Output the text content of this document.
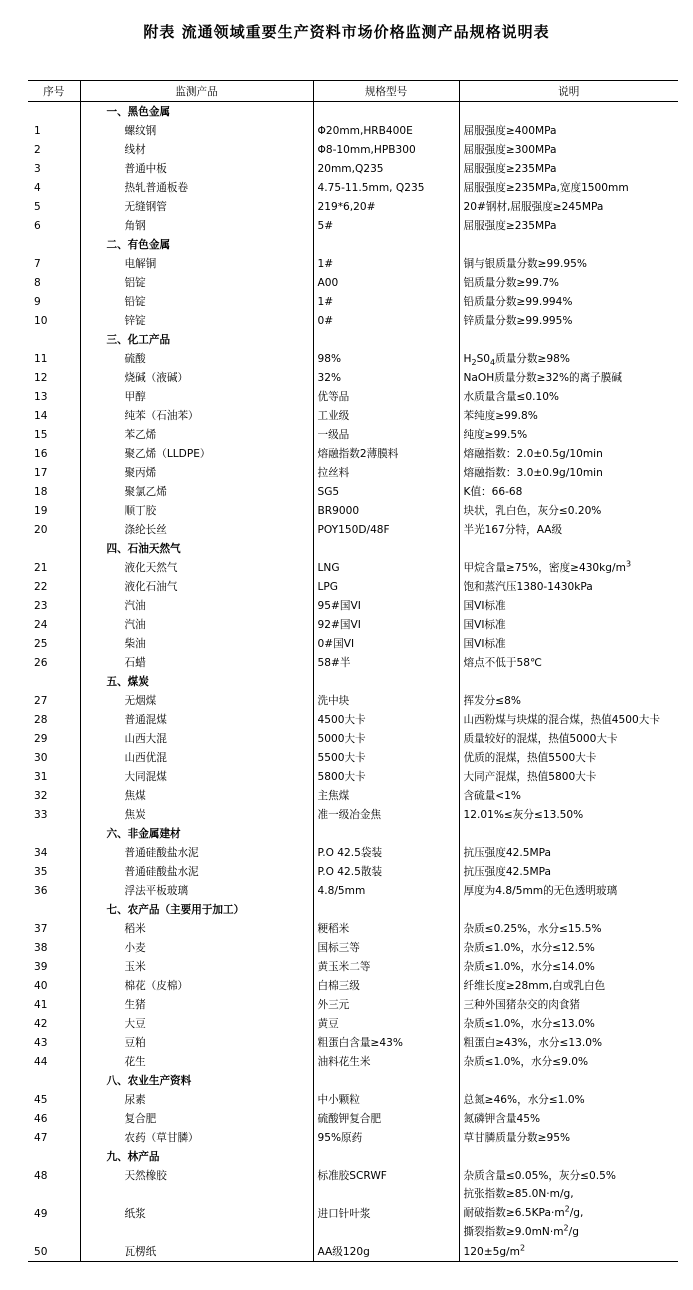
附表 流通领域重要生产资料市场价格监测产品规格说明表
序号	监测产品	规格型号	说明
	一、黑色金属		
1	螺纹钢	Φ20mm,HRB400E	屈服强度≥400MPa
2	线材	Φ8-10mm,HPB300	屈服强度≥300MPa
3	普通中板	20mm,Q235	屈服强度≥235MPa
4	热轧普通板卷	4.75-11.5mm, Q235	屈服强度≥235MPa,宽度1500mm
5	无缝钢管	219*6,20#	20#钢材,屈服强度≥245MPa
6	角钢	5#	屈服强度≥235MPa
	二、有色金属		
7	电解铜	1#	铜与银质量分数≥99.95%
8	铝锭	A00	铝质量分数≥99.7%
9	铅锭	1#	铅质量分数≥99.994%
10	锌锭	0#	锌质量分数≥99.995%
	三、化工产品		
11	硫酸	98%	$H_2S0_4$质量分数≥98%
12	烧碱（液碱）	32%	NaOH质量分数≥32%的离子膜碱
13	甲醇	优等品	水质量含量≤0.10%
14	纯苯（石油苯）	工业级	苯纯度≥99.8%
15	苯乙烯	一级品	纯度≥99.5%
16	聚乙烯（LLDPE）	熔融指数2薄膜料	熔融指数：2.0±0.5g/10min
17	聚丙烯	拉丝料	熔融指数：3.0±0.9g/10min
18	聚氯乙烯	SG5	K值：66-68
19	顺丁胶	BR9000	块状，乳白色，灰分≤0.20%
20	涤纶长丝	POY150D/48F	半光167分特，AA级
	四、石油天然气		
21	液化天然气	LNG	甲烷含量≥75%，密度$\ge 430kg/m^3$
22	液化石油气	LPG	饱和蒸汽压1380-1430kPa
23	汽油	95#国VI	国VI标准
24	汽油	92#国VI	国VI标准
25	柴油	0#国VI	国VI标准
26	石蜡	58#半	熔点不低于58℃
	五、煤炭		
27	无烟煤	洗中块	挥发分≤8%
28	普通混煤	4500大卡	山西粉煤与块煤的混合煤，热值4500大卡
29	山西大混	5000大卡	质量较好的混煤，热值5000大卡
30	山西优混	5500大卡	优质的混煤，热值5500大卡
31	大同混煤	5800大卡	大同产混煤，热值5800大卡
32	焦煤	主焦煤	含硫量<1%
33	焦炭	准一级冶金焦	12.01%≤灰分≤13.50%
	六、非金属建材		
34	普通硅酸盐水泥	P.O 42.5袋装	抗压强度42.5MPa
35	普通硅酸盐水泥	P.O 42.5散装	抗压强度42.5MPa
36	浮法平板玻璃	4.8/5mm	厚度为4.8/5mm的无色透明玻璃
	七、农产品（主要用于加工）		
37	稻米	粳稻米	杂质≤0.25%，水分≤15.5%
38	小麦	国标三等	杂质≤1.0%，水分≤12.5%
39	玉米	黄玉米二等	杂质≤1.0%，水分≤14.0%
40	棉花（皮棉）	白棉三级	纤维长度≥28mm,白或乳白色
41	生猪	外三元	三种外国猪杂交的肉食猪
42	大豆	黄豆	杂质≤1.0%，水分≤13.0%
43	豆粕	粗蛋白含量≥43%	粗蛋白≥43%，水分≤13.0%
44	花生	油料花生米	杂质≤1.0%，水分≤9.0%
	八、农业生产资料		
45	尿素	中小颗粒	总氮≥46%，水分≤1.0%
46	复合肥	硫酸钾复合肥	氮磷钾含量45%
47	农药（草甘膦）	95%原药	草甘膦质量分数≥95%
	九、林产品		
48	天然橡胶	标准胶SCRWF	杂质含量≤0.05%，灰分≤0.5%
49	纸浆	进口针叶浆	抗张指数≥85.0N·m/g,
耐破指数$\ge 6.5KPa\cdot m^2/g$,
撕裂指数$\ge 9.0mN\cdot m^2/g$

50	瓦楞纸	AA级120g	$120\pm 5g/m^2$
